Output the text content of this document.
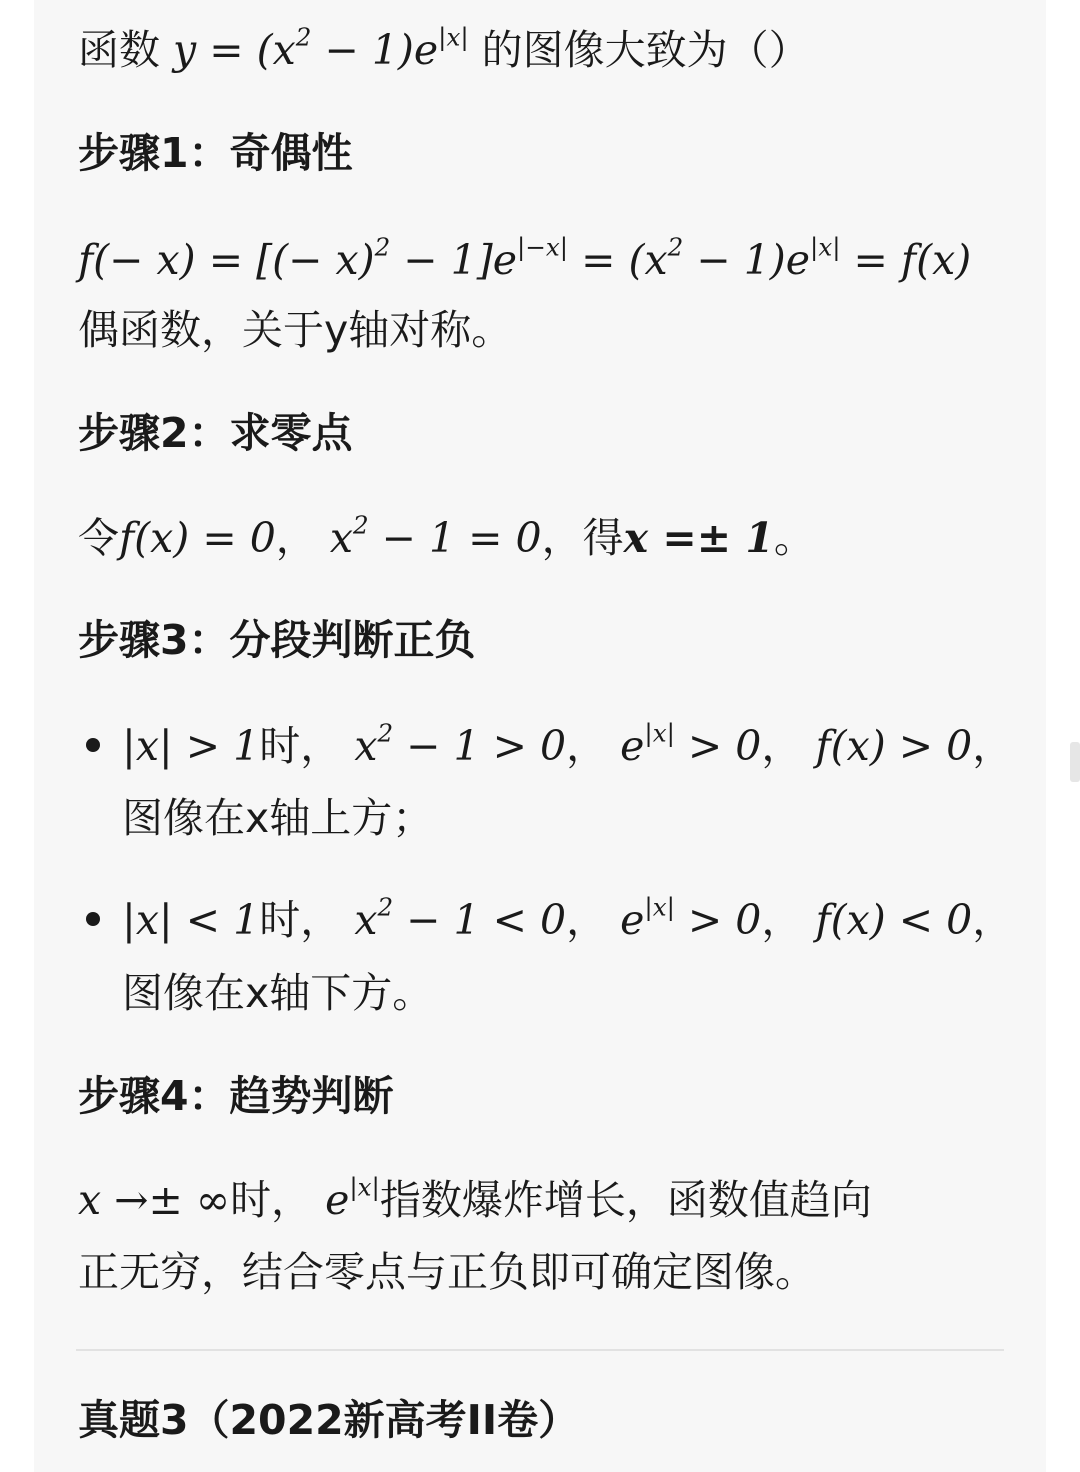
函数 $y = (x^2 - 1)e^{|x|}$ 的图像大致为（）
步骤1：奇偶性
f(− x) = [(− $x)^2 - 1]e^{|-x|} = (x^2 - 1)e^{|x|} = f(x)$
偶函数，关于y轴对称。
步骤2：求零点
令f(x) = 0， $x^2 - 1 = 0$，得x =± 1。
步骤3：分段判断正负
|x| > 1时， $x^2 - 1 > 0$， $e^{|x|} > 0$， f(x) > 0，
图像在x轴上方；
|x| < 1时， $x^2 - 1 < 0$， $e^{|x|} > 0$， f(x) < 0，
图像在x轴下方。
步骤4：趋势判断
x →± ∞时， $e^{|x|}$指数爆炸增长，函数值趋向
正无穷，结合零点与正负即可确定图像。
真题3（2022新高考II卷）
